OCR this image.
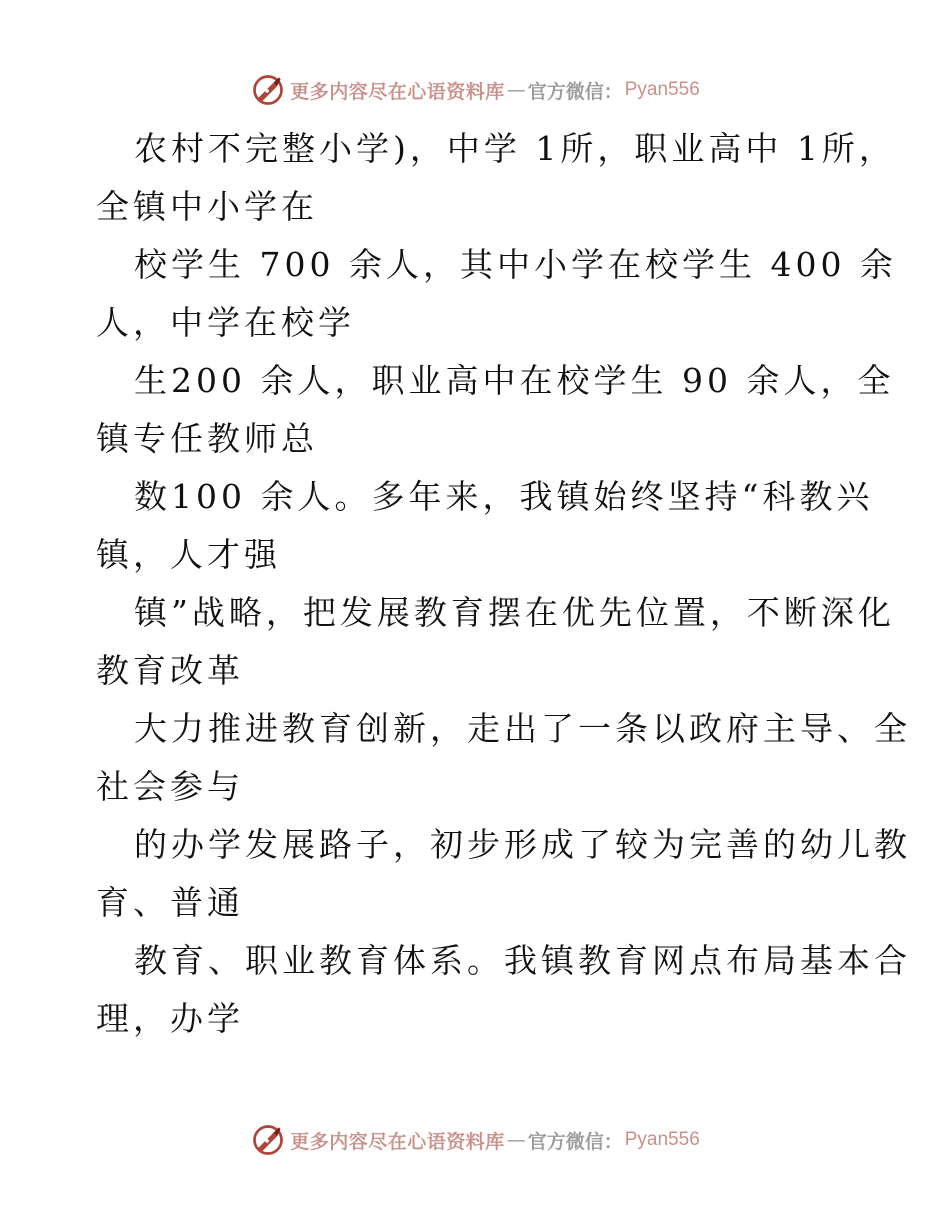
更多内容尽在心语资料库 — 官方微信： Pyan556
农村不完整小学)，中学 1所，职业高中 1所，
全镇中小学在
校学生 700 余人，其中小学在校学生 400 余
人，中学在校学
生200 余人，职业高中在校学生 90 余人，全
镇专任教师总
数100 余人。多年来，我镇始终坚持“科教兴
镇，人才强
镇”战略，把发展教育摆在优先位置，不断深化
教育改革
大力推进教育创新，走出了一条以政府主导、全
社会参与
的办学发展路子，初步形成了较为完善的幼儿教
育、普通
教育、职业教育体系。我镇教育网点布局基本合
理，办学
更多内容尽在心语资料库 — 官方微信： Pyan556
